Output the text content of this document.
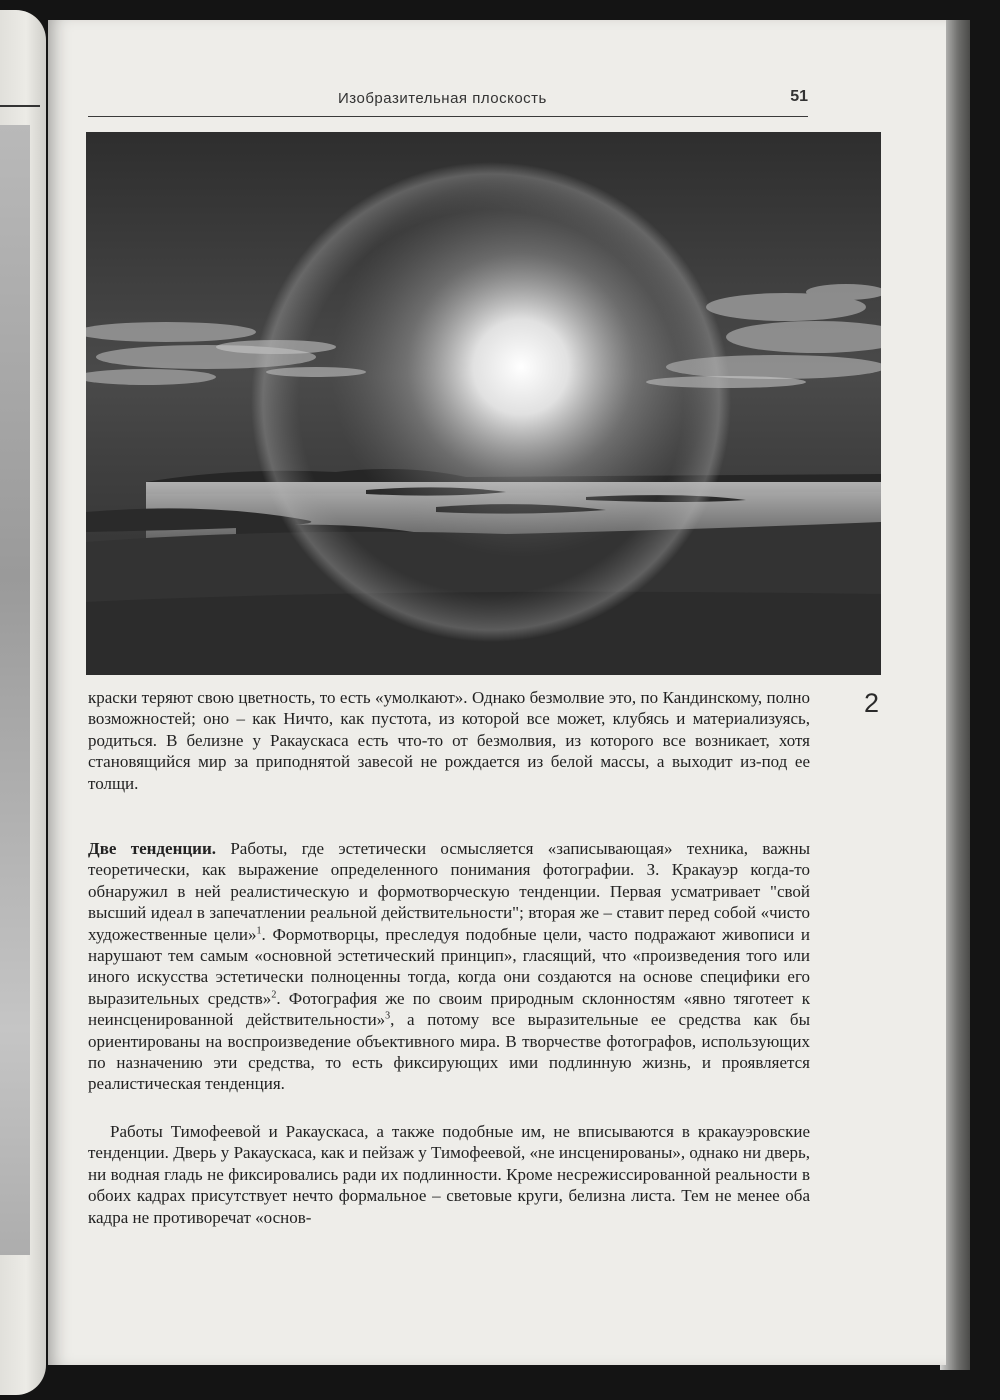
Изобразительная плоскость	51
2

краски теряют свою цветность, то есть «умолкают». Однако безмолвие это, по Кандинскому, полно возможностей; оно – как Ничто, как пустота, из которой все может, клубясь и материализуясь, родиться. В белизне у Ракаускаса есть что-то от безмолвия, из которого все возникает, хотя становящийся мир за приподнятой завесой не рождается из белой массы, а выходит из-под ее толщи.

Две тенденции. Работы, где эстетически осмысляется «записывающая» техника, важны теоретически, как выражение определенного понимания фотографии. З. Кракауэр когда-то обнаружил в ней реалистическую и формотворческую тенденции. Первая усматривает "свой высший идеал в запечатлении реальной действительности"; вторая же – ставит перед собой «чисто художественные цели»$^1$. Формотворцы, преследуя подобные цели, часто подражают живописи и нарушают тем самым «основной эстетический принцип», гласящий, что «произведения того или иного искусства эстетически полноценны тогда, когда они создаются на основе специфики его выразительных средств»$^2$. Фотография же по своим природным склонностям «явно тяготеет к неинсценированной действительности»$^3$, а потому все выразительные ее средства как бы ориентированы на воспроизведение объективного мира. В творчестве фотографов, использующих по назначению эти средства, то есть фиксирующих ими подлинную жизнь, и проявляется реалистическая тенденция.

Работы Тимофеевой и Ракаускаса, а также подобные им, не вписываются в кракауэровские тенденции. Дверь у Ракаускаса, как и пейзаж у Тимофеевой, «не инсценированы», однако ни дверь, ни водная гладь не фиксировались ради их подлинности. Кроме несрежиссированной реальности в обоих кадрах присутствует нечто формальное – световые круги, белизна листа. Тем не менее оба кадра не противоречат «основ-
